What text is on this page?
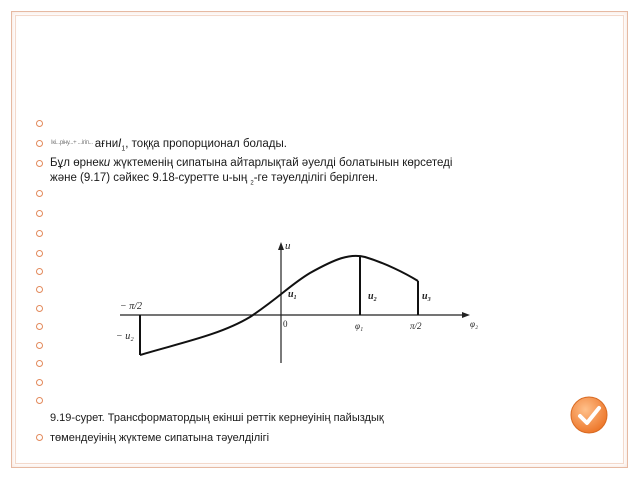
Ікі...ріну...+ ...ігіп... ағниI$_1$, тоққа пропорционал болады.
Бұл өрнекu жүктеменің сипатына айтарлықтай әуелді болатынын көрсетеді
және (9.17) сәйкес 9.18-суретте u-ың $_2$-ге тәуелділігі берілген.
u
φ₂
− π/2
0	φ₁	π/2
− u₂
u₁	u₂	u₃
9.19-сурет. Трансформатордың екінші реттік кернеуінің пайыздық
төмендеуінің жүктеме сипатына тәуелділігі
